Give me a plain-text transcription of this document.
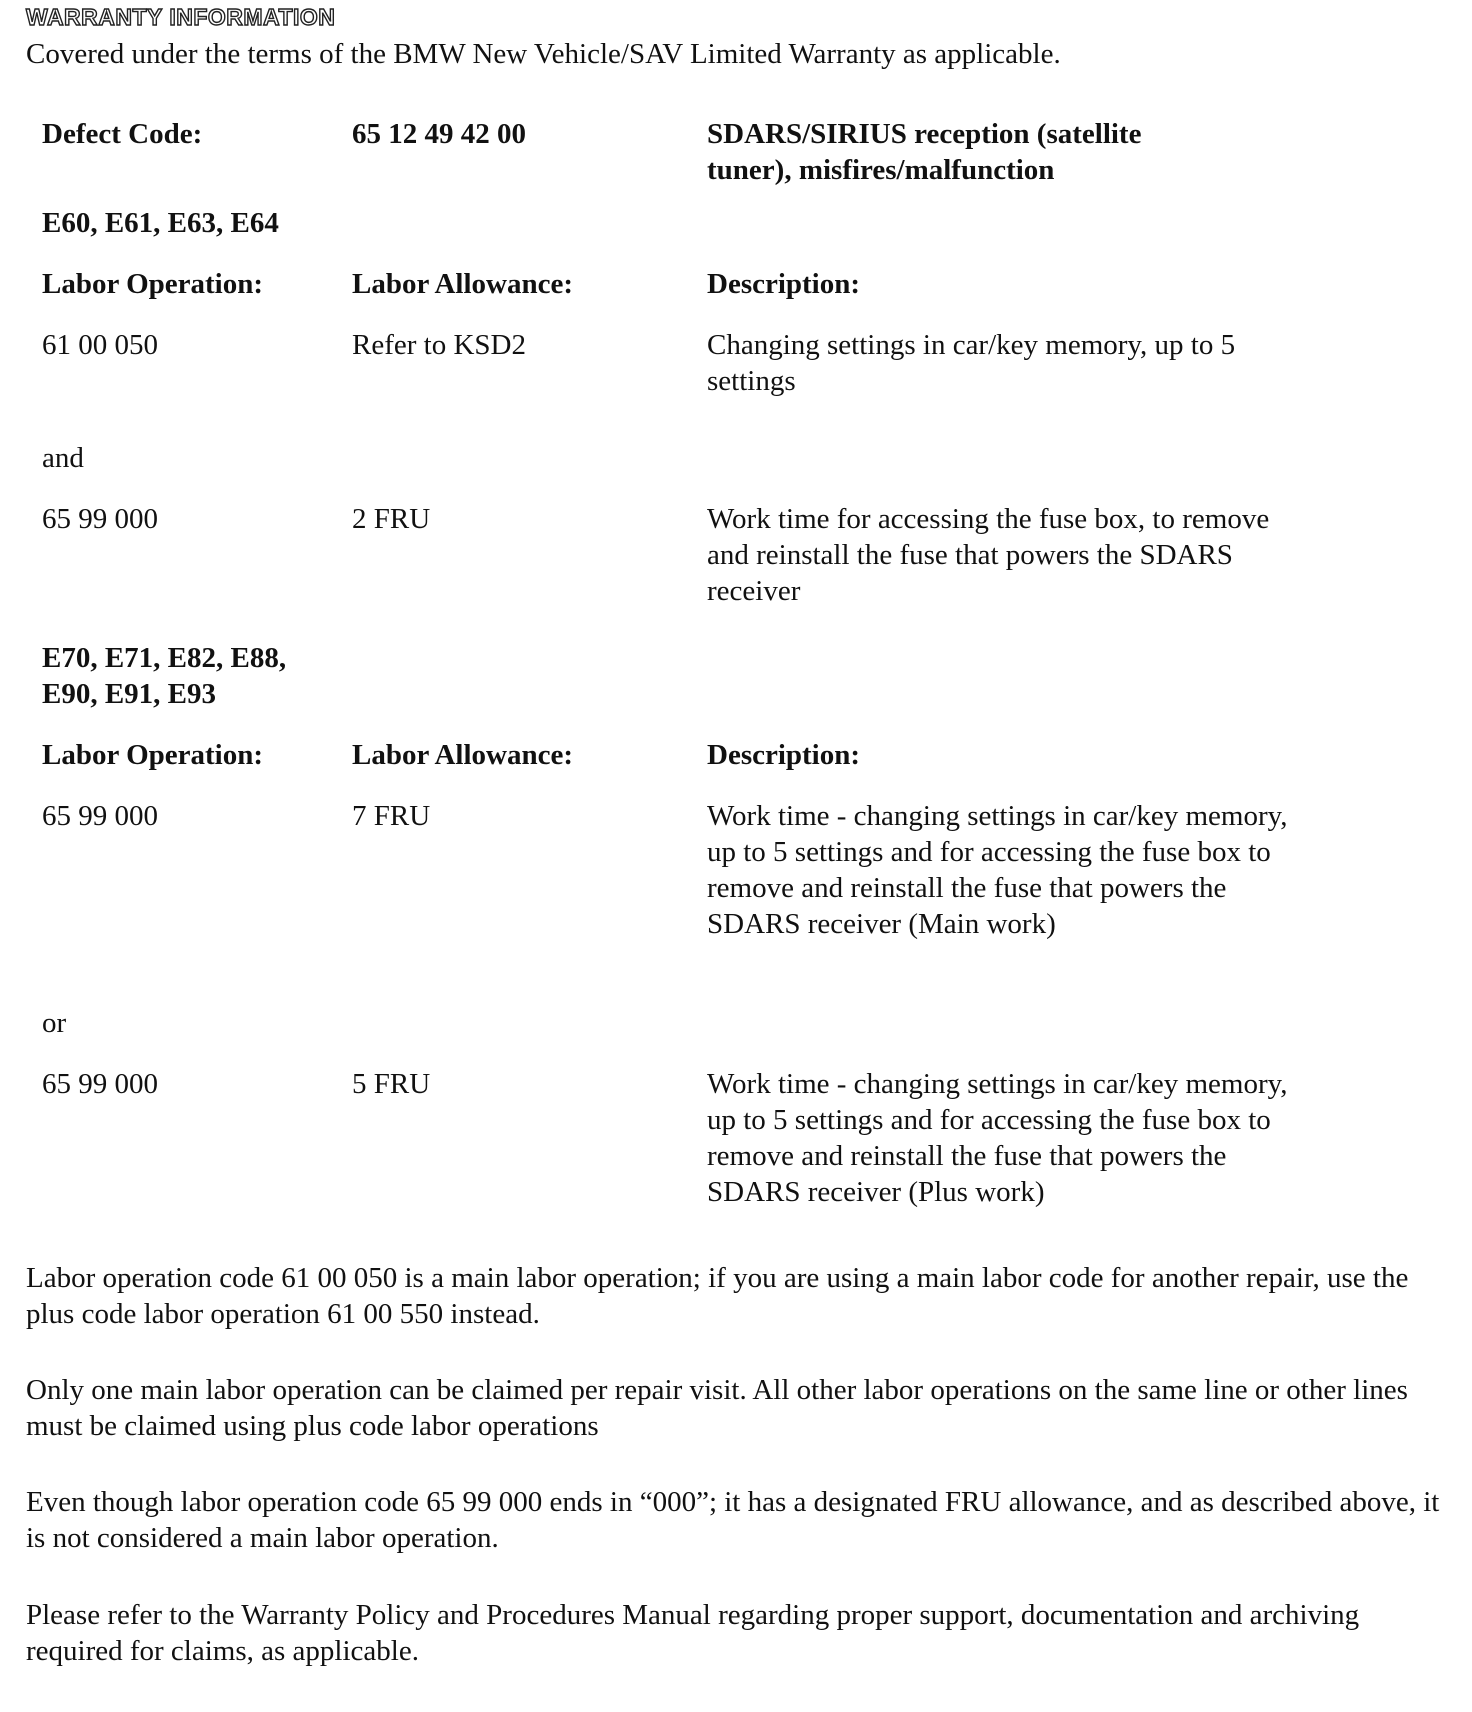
WARRANTY INFORMATION
Covered under the terms of the BMW New Vehicle/SAV Limited Warranty as applicable.
Defect Code:	65 12 49 42 00	SDARS/SIRIUS reception (satellite tuner), misfires/malfunction
E60, E61, E63, E64
Labor Operation:	Labor Allowance:	Description:
61 00 050	Refer to KSD2	Changing settings in car/key memory, up to 5 settings
and
65 99 000	2 FRU	Work time for accessing the fuse box, to remove and reinstall the fuse that powers the SDARS receiver
E70, E71, E82, E88, E90, E91, E93
Labor Operation:	Labor Allowance:	Description:
65 99 000	7 FRU	Work time - changing settings in car/key memory, up to 5 settings and for accessing the fuse box to remove and reinstall the fuse that powers the SDARS receiver (Main work)
or
65 99 000	5 FRU	Work time - changing settings in car/key memory, up to 5 settings and for accessing the fuse box to remove and reinstall the fuse that powers the SDARS receiver (Plus work)
Labor operation code 61 00 050 is a main labor operation; if you are using a main labor code for another repair, use the plus code labor operation 61 00 550 instead.
Only one main labor operation can be claimed per repair visit. All other labor operations on the same line or other lines must be claimed using plus code labor operations
Even though labor operation code 65 99 000 ends in “000”; it has a designated FRU allowance, and as described above, it is not considered a main labor operation.
Please refer to the Warranty Policy and Procedures Manual regarding proper support, documentation and archiving required for claims, as applicable.
